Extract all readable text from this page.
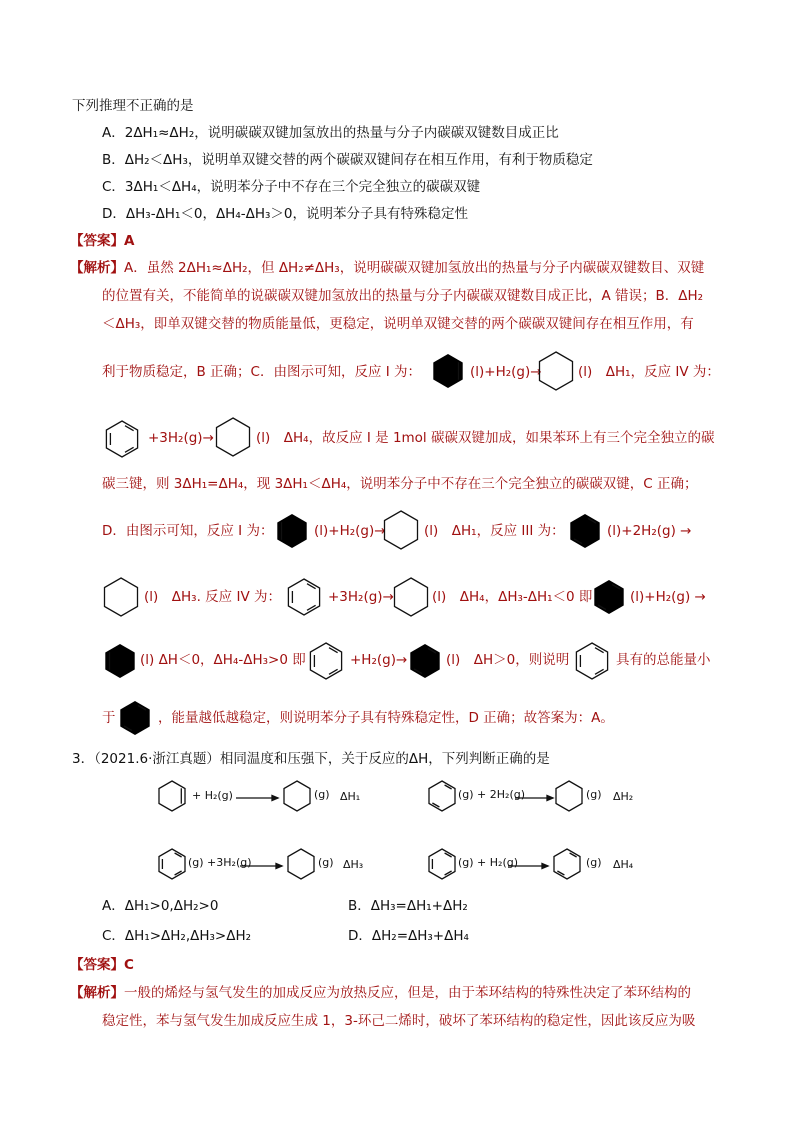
下列推理不正确的是
A．2ΔH₁≈ΔH₂，说明碳碳双键加氢放出的热量与分子内碳碳双键数目成正比
B．ΔH₂＜ΔH₃，说明单双键交替的两个碳碳双键间存在相互作用，有利于物质稳定
C．3ΔH₁＜ΔH₄，说明苯分子中不存在三个完全独立的碳碳双键
D．ΔH₃-ΔH₁＜0，ΔH₄-ΔH₃＞0，说明苯分子具有特殊稳定性
【答案】A
【解析】A．虽然 2ΔH₁≈ΔH₂，但 ΔH₂≠ΔH₃，说明碳碳双键加氢放出的热量与分子内碳碳双键数目、双键
的位置有关，不能简单的说碳碳双键加氢放出的热量与分子内碳碳双键数目成正比，A 错误；B．ΔH₂
＜ΔH₃，即单双键交替的物质能量低，更稳定，说明单双键交替的两个碳碳双键间存在相互作用，有
利于物质稳定，B 正确；C．由图示可知，反应 I 为：	(l)+H₂(g)→	(l)　ΔH₁，反应 IV 为：
+3H₂(g)→	(l)　ΔH₄，故反应 I 是 1mol 碳碳双键加成，如果苯环上有三个完全独立的碳
碳三键，则 3ΔH₁=ΔH₄，现 3ΔH₁＜ΔH₄，说明苯分子中不存在三个完全独立的碳碳双键，C 正确；
D．由图示可知，反应 I 为：	(l)+H₂(g)→	(l)　ΔH₁，反应 III 为：	(l)+2H₂(g) →
(l)　ΔH₃. 反应 IV 为：	+3H₂(g)→	(l)　ΔH₄，ΔH₃-ΔH₁＜0 即	(l)+H₂(g) →
(l) ΔH＜0，ΔH₄-ΔH₃>0 即	+H₂(g)→	(l)　ΔH＞0，则说明	具有的总能量小
于	，能量越低越稳定，则说明苯分子具有特殊稳定性，D 正确；故答案为：A。
3．（2021.6·浙江真题）相同温度和压强下，关于反应的ΔH，下列判断正确的是
+ H₂(g)	(g) ΔH₁	(g) + 2H₂(g)	(g) ΔH₂
(g) +3H₂(g)	(g) ΔH₃	(g) + H₂(g)	(g) ΔH₄
A．ΔH₁>0,ΔH₂>0	B．ΔH₃=ΔH₁+ΔH₂
C．ΔH₁>ΔH₂,ΔH₃>ΔH₂	D．ΔH₂=ΔH₃+ΔH₄
【答案】C
【解析】一般的烯烃与氢气发生的加成反应为放热反应，但是，由于苯环结构的特殊性决定了苯环结构的
稳定性，苯与氢气发生加成反应生成 1，3-环己二烯时，破坏了苯环结构的稳定性，因此该反应为吸
